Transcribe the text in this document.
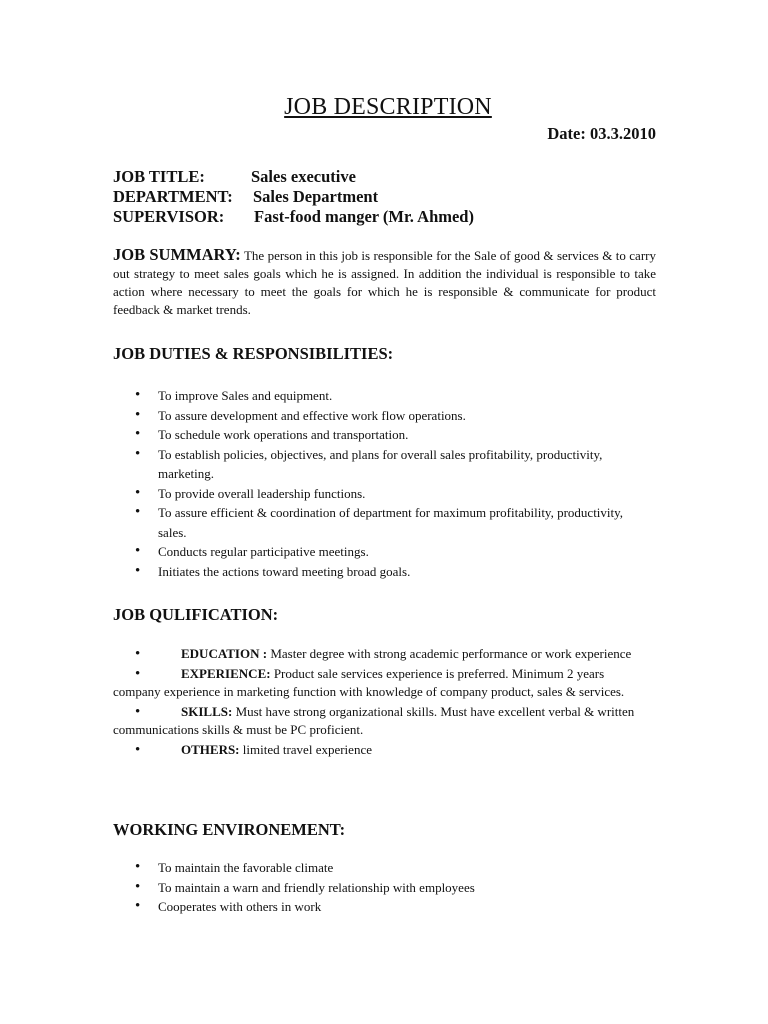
JOB DESCRIPTION
Date: 03.3.2010
JOB TITLE:	Sales executive
DEPARTMENT: Sales Department
SUPERVISOR: Fast-food manger (Mr. Ahmed)
JOB SUMMARY: The person in this job is responsible for the Sale of good & services & to carry out strategy to meet sales goals which he is assigned. In addition the individual is responsible to take action where necessary to meet the goals for which he is responsible & communicate for product feedback & market trends.
JOB DUTIES & RESPONSIBILITIES:
• To improve Sales and equipment.
• To assure development and effective work flow operations.
• To schedule work operations and transportation.
• To establish policies, objectives, and plans for overall sales profitability, productivity, marketing.
• To provide overall leadership functions.
• To assure efficient & coordination of department for maximum profitability, productivity, sales.
• Conducts regular participative meetings.
• Initiates the actions toward meeting broad goals.
JOB QULIFICATION:
•EDUCATION : Master degree with strong academic performance or work experience
•EXPERIENCE: Product sale services experience is preferred. Minimum 2 years company experience in marketing function with knowledge of company product, sales & services.
•SKILLS: Must have strong organizational skills. Must have excellent verbal & written communications skills & must be PC proficient.
•OTHERS: limited travel experience
WORKING ENVIRONEMENT:
• To maintain the favorable climate
• To maintain a warn and friendly relationship with employees
• Cooperates with others in work
